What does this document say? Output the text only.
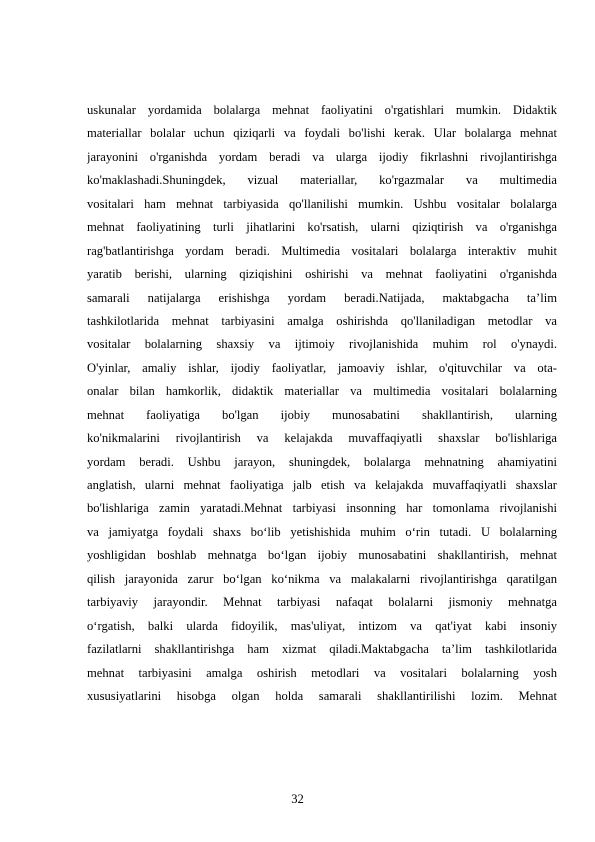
uskunalar yordamida bolalarga mehnat faoliyatini o'rgatishlari mumkin. Didaktik
materiallar bolalar uchun qiziqarli va foydali bo'lishi kerak. Ular bolalarga mehnat
jarayonini o'rganishda yordam beradi va ularga ijodiy fikrlashni rivojlantirishga
ko'maklashadi.Shuningdek, vizual materiallar, ko'rgazmalar va multimedia
vositalari ham mehnat tarbiyasida qo'llanilishi mumkin. Ushbu vositalar bolalarga
mehnat faoliyatining turli jihatlarini ko'rsatish, ularni qiziqtirish va o'rganishga
rag'batlantirishga yordam beradi. Multimedia vositalari bolalarga interaktiv muhit
yaratib berishi, ularning qiziqishini oshirishi va mehnat faoliyatini o'rganishda
samarali natijalarga erishishga yordam beradi.Natijada, maktabgacha ta’lim
tashkilotlarida mehnat tarbiyasini amalga oshirishda qo'llaniladigan metodlar va
vositalar bolalarning shaxsiy va ijtimoiy rivojlanishida muhim rol o'ynaydi.
O'yinlar, amaliy ishlar, ijodiy faoliyatlar, jamoaviy ishlar, o'qituvchilar va ota-
onalar bilan hamkorlik, didaktik materiallar va multimedia vositalari bolalarning
mehnat faoliyatiga bo'lgan ijobiy munosabatini shakllantirish, ularning
ko'nikmalarini rivojlantirish va kelajakda muvaffaqiyatli shaxslar bo'lishlariga
yordam beradi. Ushbu jarayon, shuningdek, bolalarga mehnatning ahamiyatini
anglatish, ularni mehnat faoliyatiga jalb etish va kelajakda muvaffaqiyatli shaxslar
bo'lishlariga zamin yaratadi.Mehnat tarbiyasi insonning har tomonlama rivojlanishi
va jamiyatga foydali shaxs bo‘lib yetishishida muhim o‘rin tutadi. U bolalarning
yoshligidan boshlab mehnatga bo‘lgan ijobiy munosabatini shakllantirish, mehnat
qilish jarayonida zarur bo‘lgan ko‘nikma va malakalarni rivojlantirishga qaratilgan
tarbiyaviy jarayondir. Mehnat tarbiyasi nafaqat bolalarni jismoniy mehnatga
o‘rgatish, balki ularda fidoyilik, mas'uliyat, intizom va qat'iyat kabi insoniy
fazilatlarni shakllantirishga ham xizmat qiladi.Maktabgacha ta’lim tashkilotlarida
mehnat tarbiyasini amalga oshirish metodlari va vositalari bolalarning yosh
xususiyatlarini hisobga olgan holda samarali shakllantirilishi lozim. Mehnat
32
